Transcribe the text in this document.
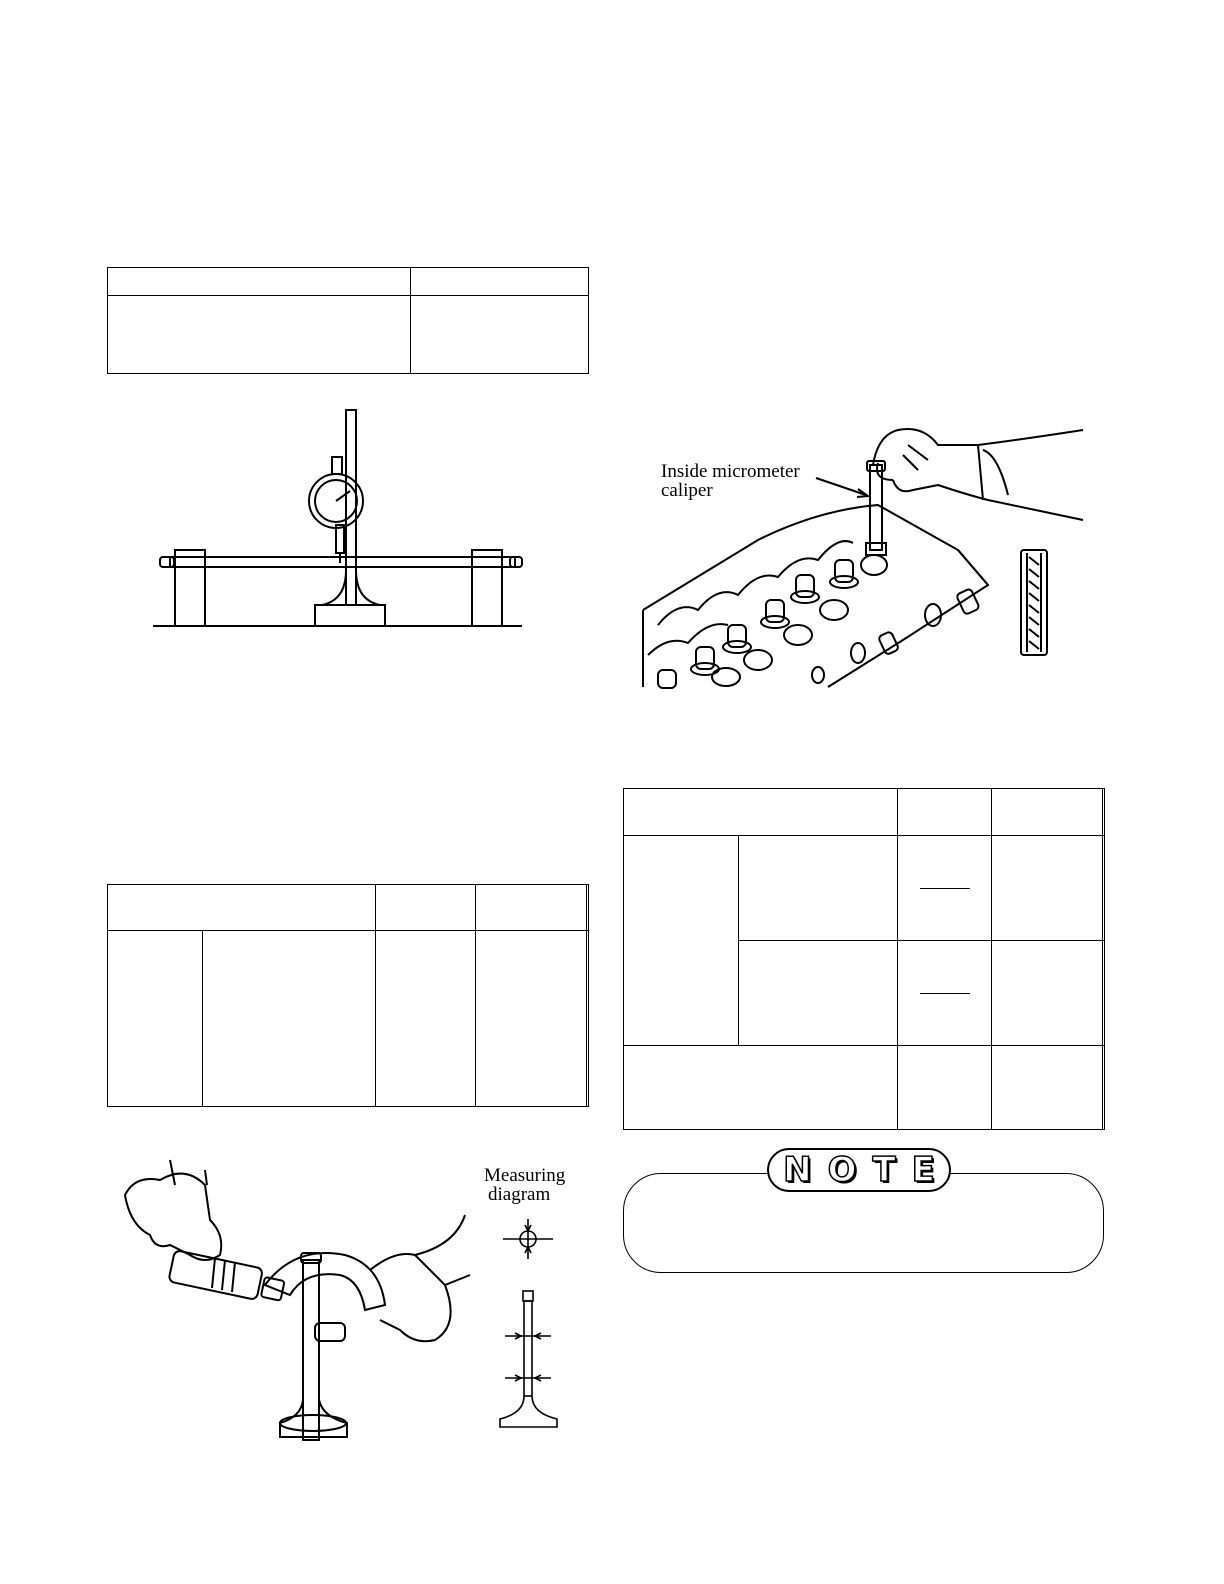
Measuring
diagram
Inside micrometer
caliper

NOTE
